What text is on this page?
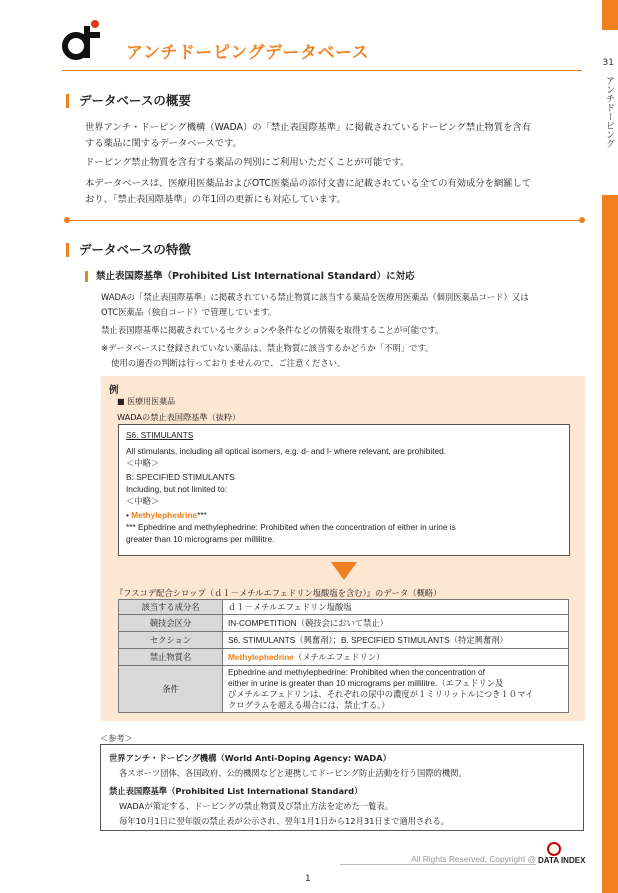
31
アンチドーピング
アンチドーピングデータベース
データベースの概要
世界アンチ・ドーピング機構（WADA）の「禁止表国際基準」に掲載されているドーピング禁止物質を含有
する薬品に関するデータベースです。
ドーピング禁止物質を含有する薬品の判別にご利用いただくことが可能です。
本データベースは、医療用医薬品およびOTC医薬品の添付文書に記載されている全ての有効成分を網羅して
おり、「禁止表国際基準」の年1回の更新にも対応しています。
データベースの特徴
禁止表国際基準（Prohibited List International Standard）に対応
WADAの「禁止表国際基準」に掲載されている禁止物質に該当する薬品を医療用医薬品（個別医薬品コード）又は
OTC医薬品（独自コード）で管理しています。
禁止表国際基準に掲載されているセクションや条件などの情報を取得することが可能です。
※データベースに登録されていない薬品は、禁止物質に該当するかどうか「不明」です。
使用の適否の判断は行っておりませんので、ご注意ください。
例
■ 医療用医薬品
WADAの禁止表国際基準（抜粋）
S6. STIMULANTS
All stimulants, including all optical isomers, e.g. d- and l- where relevant, are prohibited.
＜中略＞
B: SPECIFIED STIMULANTS
Including, but not limited to:
＜中略＞
• Methylephedrine***
*** Ephedrine and methylephedrine: Prohibited when the concentration of either in urine is
greater than 10 micrograms per millilitre.
『フスコデ配合シロップ（ｄｌ－メチルエフェドリン塩酸塩を含む）』のデータ（概略）
該当する成分名	ｄｌ－メチルエフェドリン塩酸塩
競技会区分	IN-COMPETITION（競技会において禁止）
セクション	S6. STIMULANTS（興奮剤）；B. SPECIFIED STIMULANTS（特定興奮剤）
禁止物質名	Methylephedrine（メチルエフェドリン）
条件	Ephedrine and methylephedrine: Prohibited when the concentration of
either in urine is greater than 10 micrograms per millilitre.（エフェドリン及
びメチルエフェドリンは、それぞれの尿中の濃度が１ミリリットルにつき１０マイ
クログラムを超える場合には、禁止する。）
＜参考＞
世界アンチ・ドーピング機構（World Anti-Doping Agency: WADA）
各スポーツ団体、各国政府、公的機関などと連携してドーピング防止活動を行う国際的機関。
禁止表国際基準（Prohibited List International Standard）
WADAが策定する、ドーピングの禁止物質及び禁止方法を定めた一覧表。
毎年10月1日に翌年版の禁止表が公示され、翌年1月1日から12月31日まで適用される。
All Rights Reserved, Copyright @ DATA INDEX
1
